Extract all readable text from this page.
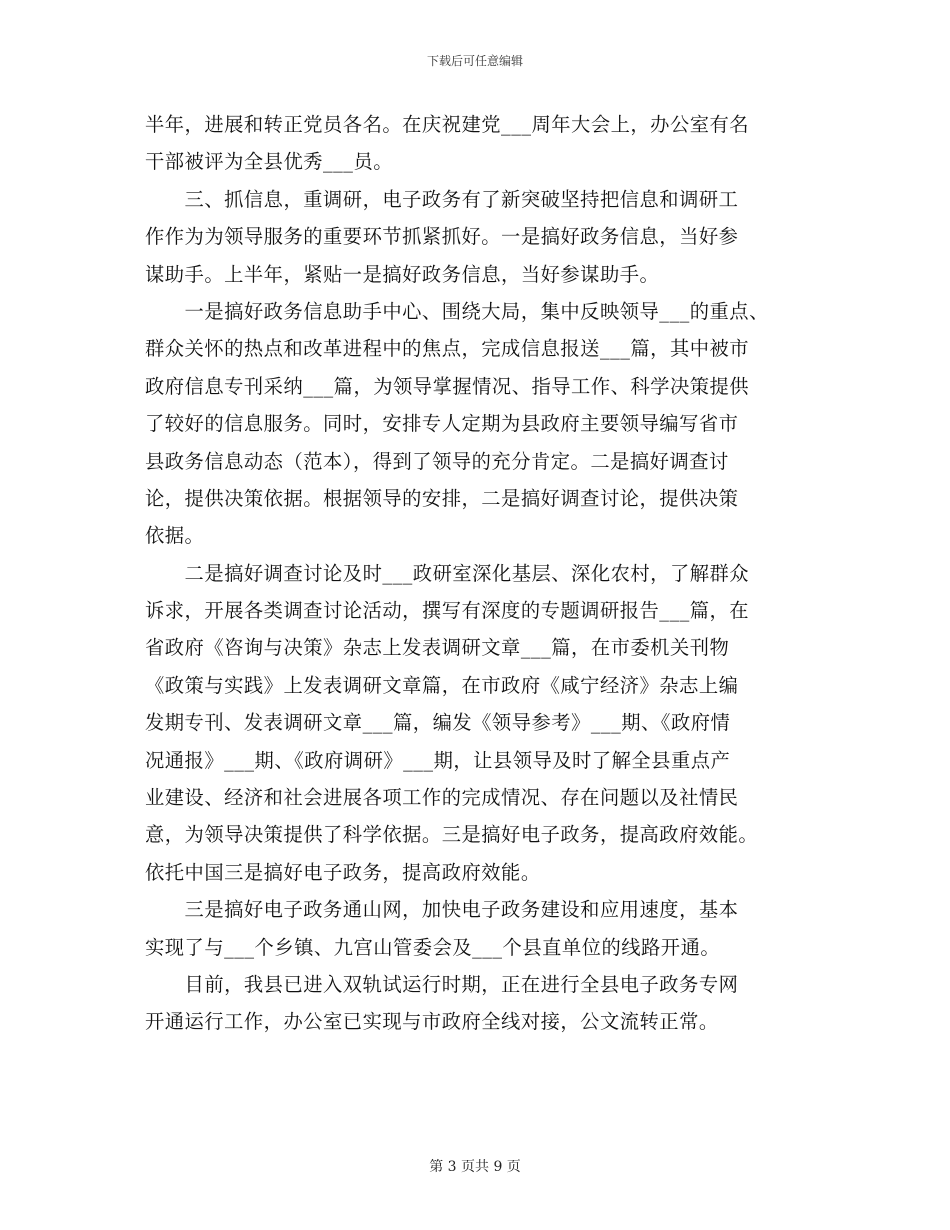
下载后可任意编辑
半年，进展和转正党员各名。在庆祝建党___周年大会上，办公室有名
干部被评为全县优秀___员。
　　三、抓信息，重调研，电子政务有了新突破坚持把信息和调研工
作作为为领导服务的重要环节抓紧抓好。一是搞好政务信息，当好参
谋助手。上半年，紧贴一是搞好政务信息，当好参谋助手。
　　一是搞好政务信息助手中心、围绕大局，集中反映领导___的重点、
群众关怀的热点和改革进程中的焦点，完成信息报送___篇，其中被市
政府信息专刊采纳___篇，为领导掌握情况、指导工作、科学决策提供
了较好的信息服务。同时，安排专人定期为县政府主要领导编写省市
县政务信息动态（范本），得到了领导的充分肯定。二是搞好调查讨
论，提供决策依据。根据领导的安排，二是搞好调查讨论，提供决策
依据。
　　二是搞好调查讨论及时___政研室深化基层、深化农村，了解群众
诉求，开展各类调查讨论活动，撰写有深度的专题调研报告___篇，在
省政府《咨询与决策》杂志上发表调研文章___篇，在市委机关刊物
《政策与实践》上发表调研文章篇，在市政府《咸宁经济》杂志上编
发期专刊、发表调研文章___篇，编发《领导参考》___期、《政府情
况通报》___期、《政府调研》___期，让县领导及时了解全县重点产
业建设、经济和社会进展各项工作的完成情况、存在问题以及社情民
意，为领导决策提供了科学依据。三是搞好电子政务，提高政府效能。
依托中国三是搞好电子政务，提高政府效能。
　　三是搞好电子政务通山网，加快电子政务建设和应用速度，基本
实现了与___个乡镇、九宫山管委会及___个县直单位的线路开通。
　　目前，我县已进入双轨试运行时期，正在进行全县电子政务专网
开通运行工作，办公室已实现与市政府全线对接，公文流转正常。
第 3 页共 9 页
